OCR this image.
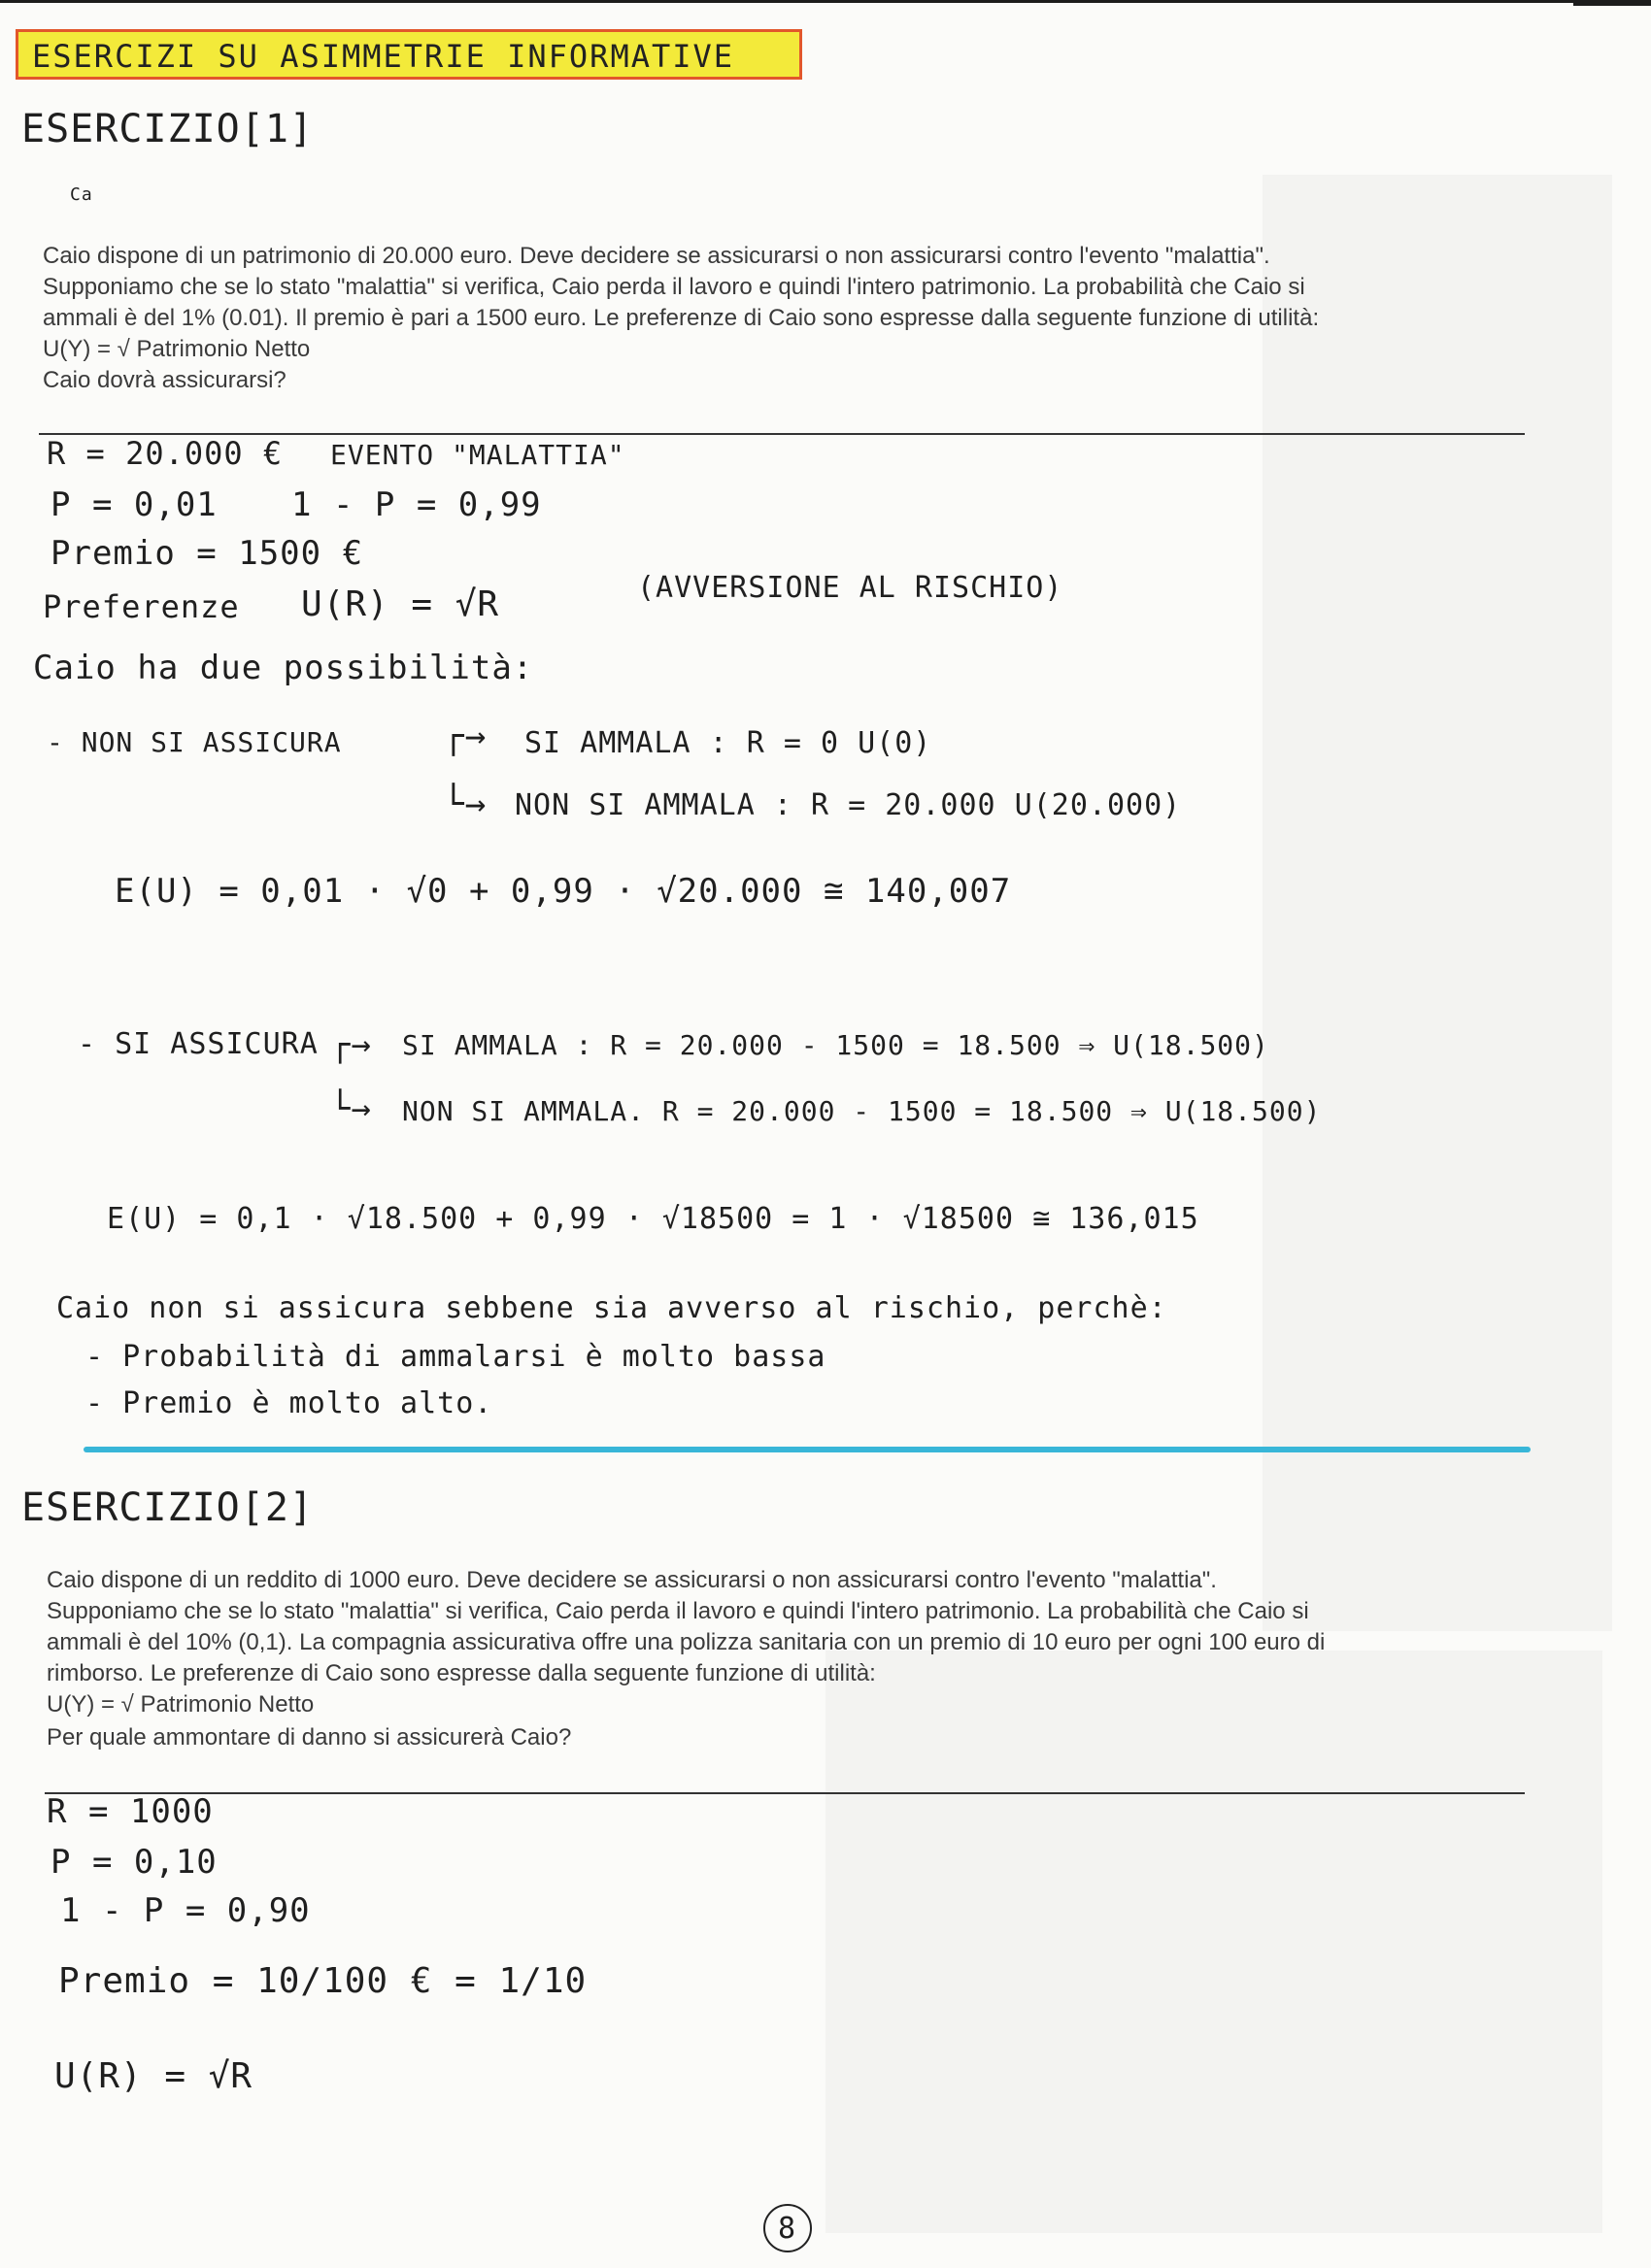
ESERCIZI SU ASIMMETRIE INFORMATIVE
ESERCIZIO[1]
Ca
Caio dispone di un patrimonio di 20.000 euro. Deve decidere se assicurarsi o non assicurarsi contro l'evento "malattia".
Supponiamo che se lo stato "malattia" si verifica, Caio perda il lavoro e quindi l'intero patrimonio. La probabilità che Caio si
ammali è del 1% (0.01). Il premio è pari a 1500 euro. Le preferenze di Caio sono espresse dalla seguente funzione di utilità:
U(Y) = √ Patrimonio Netto
Caio dovrà assicurarsi?
R = 20.000 € EVENTO "MALATTIA"
P = 0,01 1 - P = 0,99
Premio = 1500 €
Preferenze U(R) = √R	(AVVERSIONE AL RISCHIO)
Caio ha due possibilità:
- NON SI ASSICURA	┌→
└→
SI AMMALA : R = 0 U(0)
NON SI AMMALA : R = 20.000 U(20.000)
E(U) = 0,01 · √0 + 0,99 · √20.000 ≅ 140,007
- SI ASSICURA ┌→
└→
SI AMMALA : R = 20.000 - 1500 = 18.500 ⇒ U(18.500)
NON SI AMMALA. R = 20.000 - 1500 = 18.500 ⇒ U(18.500)
E(U) = 0,1 · √18.500 + 0,99 · √18500 = 1 · √18500 ≅ 136,015
Caio non si assicura sebbene sia avverso al rischio, perchè:
- Probabilità di ammalarsi è molto bassa
- Premio è molto alto.
ESERCIZIO[2]
Caio dispone di un reddito di 1000 euro. Deve decidere se assicurarsi o non assicurarsi contro l'evento "malattia".
Supponiamo che se lo stato "malattia" si verifica, Caio perda il lavoro e quindi l'intero patrimonio. La probabilità che Caio si
ammali è del 10% (0,1). La compagnia assicurativa offre una polizza sanitaria con un premio di 10 euro per ogni 100 euro di
rimborso. Le preferenze di Caio sono espresse dalla seguente funzione di utilità:
U(Y) = √ Patrimonio Netto
Per quale ammontare di danno si assicurerà Caio?
R = 1000
P = 0,10
1 - P = 0,90
Premio = 10/100 € = 1/10
U(R) = √R
8
